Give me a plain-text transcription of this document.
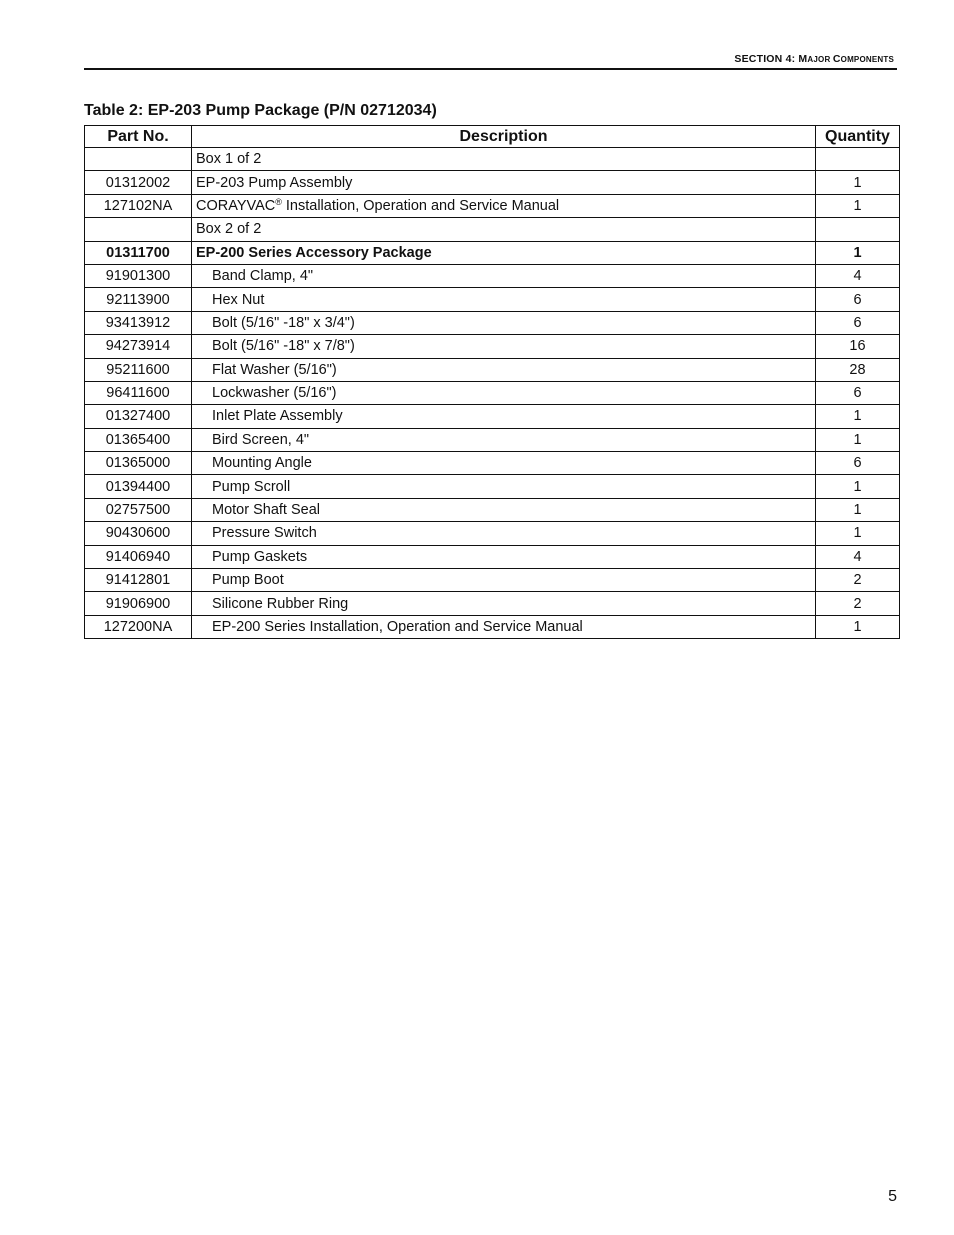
SECTION 4: MAJOR COMPONENTS
Table 2: EP-203 Pump Package (P/N 02712034)
Part No.	Description	Quantity
	Box 1 of 2	
01312002	EP-203 Pump Assembly	1
127102NA	CORAYVAC® Installation, Operation and Service Manual	1
	Box 2 of 2	
01311700	EP-200 Series Accessory Package	1
91901300	Band Clamp, 4"	4
92113900	Hex Nut	6
93413912	Bolt (5/16" -18" x 3/4")	6
94273914	Bolt (5/16" -18" x 7/8")	16
95211600	Flat Washer (5/16")	28
96411600	Lockwasher (5/16")	6
01327400	Inlet Plate Assembly	1
01365400	Bird Screen, 4"	1
01365000	Mounting Angle	6
01394400	Pump Scroll	1
02757500	Motor Shaft Seal	1
90430600	Pressure Switch	1
91406940	Pump Gaskets	4
91412801	Pump Boot	2
91906900	Silicone Rubber Ring	2
127200NA	EP-200 Series Installation, Operation and Service Manual	1
5
